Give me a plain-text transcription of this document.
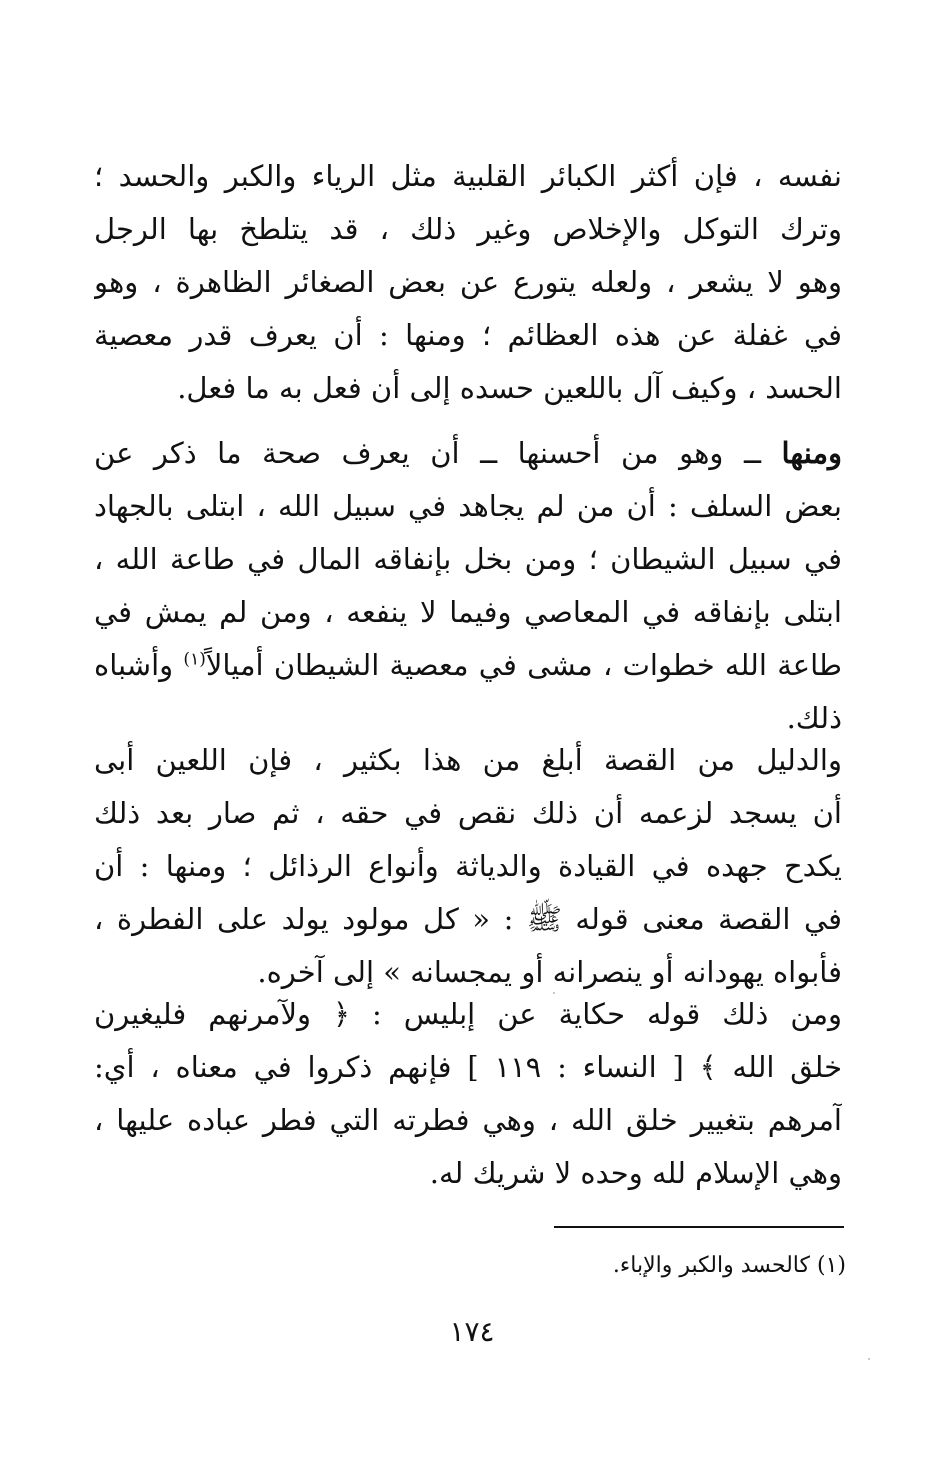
نفسه ، فإن أكثر الكبائر القلبية مثل الرياء والكبر والحسد ؛
وترك التوكل والإخلاص وغير ذلك ، قد يتلطخ بها الرجل
وهو لا يشعر ، ولعله يتورع عن بعض الصغائر الظاهرة ، وهو
في غفلة عن هذه العظائم ؛ ومنها : أن يعرف قدر معصية
الحسد ، وكيف آل باللعين حسده إلى أن فعل به ما فعل.
ومنها ــ وهو من أحسنها ــ أن يعرف صحة ما ذكر عن
بعض السلف : أن من لم يجاهد في سبيل الله ، ابتلى بالجهاد
في سبيل الشيطان ؛ ومن بخل بإنفاقه المال في طاعة الله ،
ابتلى بإنفاقه في المعاصي وفيما لا ينفعه ، ومن لم يمش في
طاعة الله خطوات ، مشى في معصية الشيطان أميالاً$^{(١)}$ وأشباه
ذلك.
والدليل من القصة أبلغ من هذا بكثير ، فإن اللعين أبى
أن يسجد لزعمه أن ذلك نقص في حقه ، ثم صار بعد ذلك
يكدح جهده في القيادة والدياثة وأنواع الرذائل ؛ ومنها : أن
في القصة معنى قوله ﷺ : « كل مولود يولد على الفطرة ،
فأبواه يهودانه أو ينصرانه أو يمجسانه » إلى آخره.
ومن ذلك قوله حكاية عن إبليس : ﴿ ولآمرنهم فليغيرن
خلق الله ﴾ [ النساء : ١١٩ ] فإنهم ذكروا في معناه ، أي:
آمرهم بتغيير خلق الله ، وهي فطرته التي فطر عباده عليها ،
وهي الإسلام لله وحده لا شريك له.
(١) كالحسد والكبر والإباء.
١٧٤
